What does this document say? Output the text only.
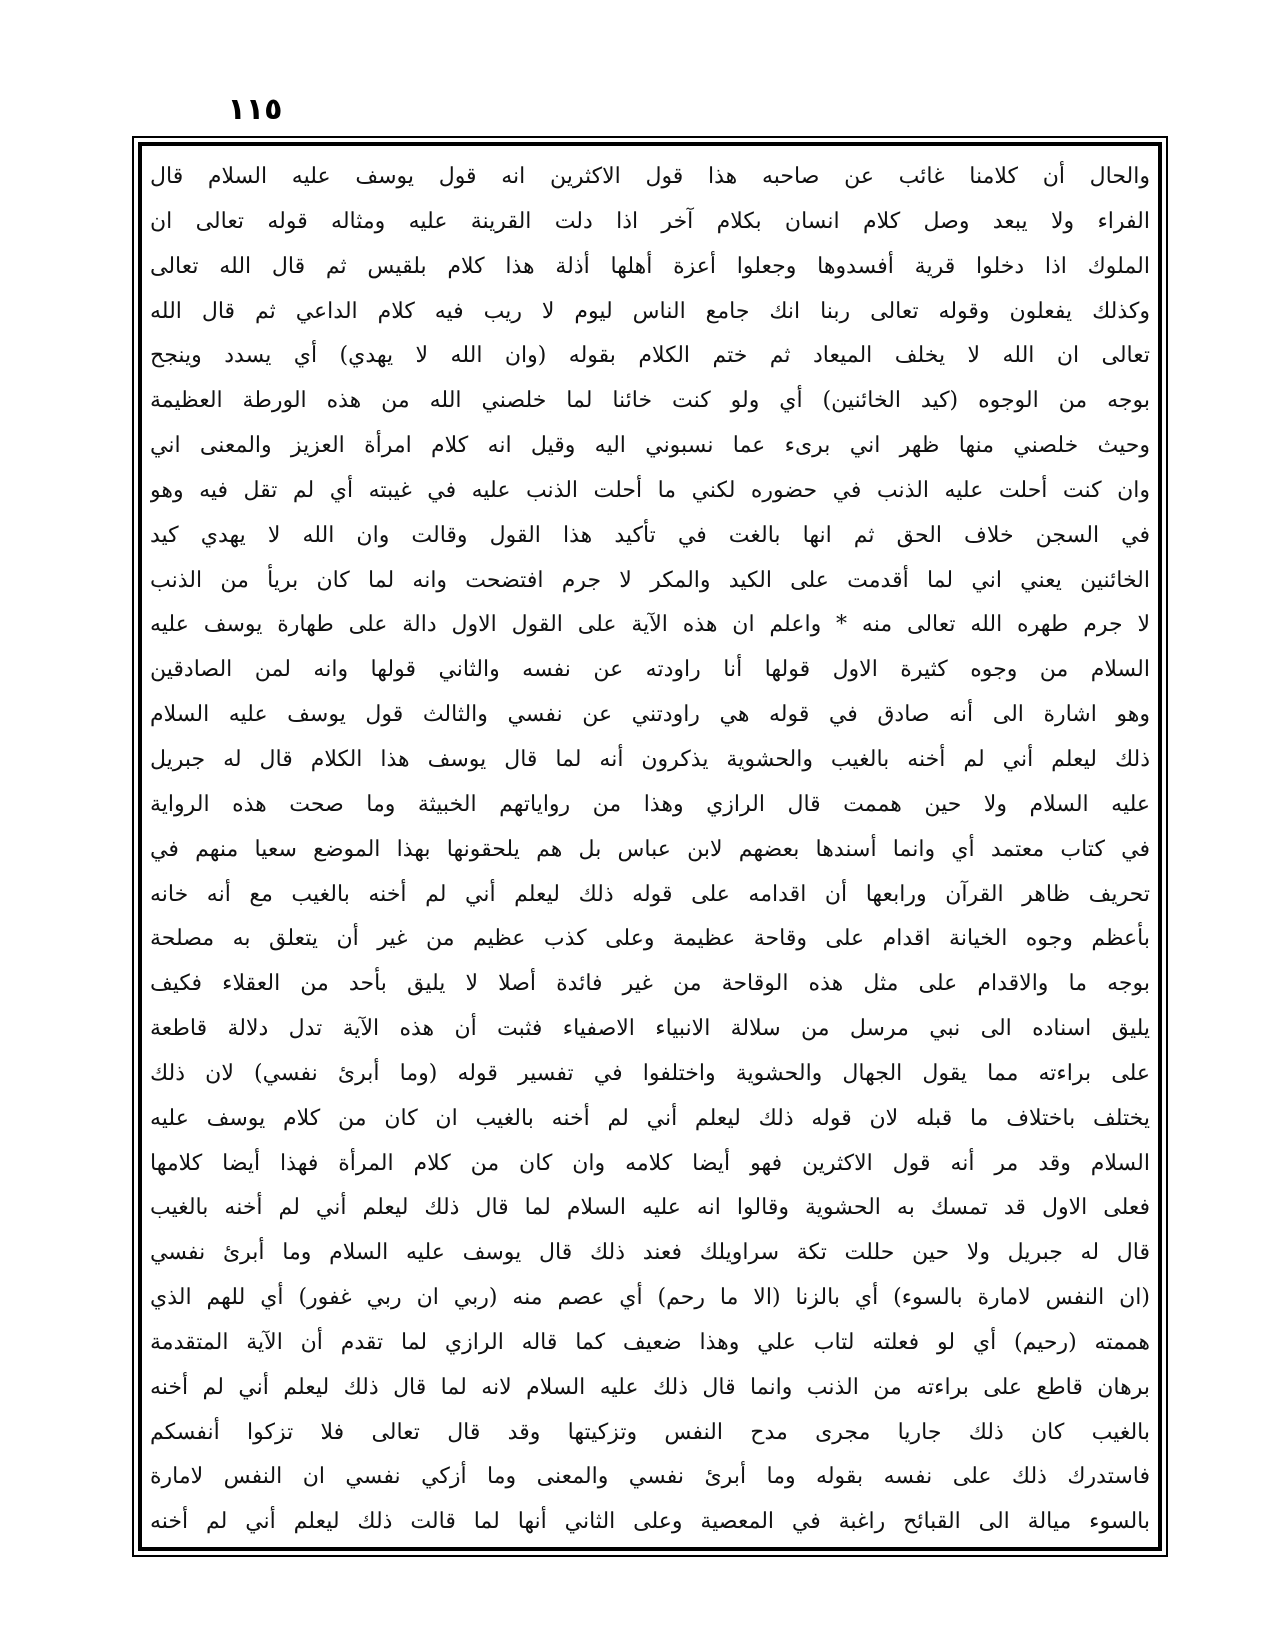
١١٥
والحال أن كلامنا غائب عن صاحبه هذا قول الاكثرين انه قول يوسف عليه السلام قال
الفراء ولا يبعد وصل كلام انسان بكلام آخر اذا دلت القرينة عليه ومثاله قوله تعالى ان
الملوك اذا دخلوا قرية أفسدوها وجعلوا أعزة أهلها أذلة هذا كلام بلقيس ثم قال الله تعالى
وكذلك يفعلون وقوله تعالى ربنا انك جامع الناس ليوم لا ريب فيه كلام الداعي ثم قال الله
تعالى ان الله لا يخلف الميعاد ثم ختم الكلام بقوله (وان الله لا يهدي) أي يسدد وينجح
بوجه من الوجوه (كيد الخائنين) أي ولو كنت خائنا لما خلصني الله من هذه الورطة العظيمة
وحيث خلصني منها ظهر اني برىء عما نسبوني اليه وقيل انه كلام امرأة العزيز والمعنى اني
وان كنت أحلت عليه الذنب في حضوره لكني ما أحلت الذنب عليه في غيبته أي لم تقل فيه وهو
في السجن خلاف الحق ثم انها بالغت في تأكيد هذا القول وقالت وان الله لا يهدي كيد
الخائنين يعني اني لما أقدمت على الكيد والمكر لا جرم افتضحت وانه لما كان بريأ من الذنب
لا جرم طهره الله تعالى منه * واعلم ان هذه الآية على القول الاول دالة على طهارة يوسف عليه
السلام من وجوه كثيرة الاول قولها أنا راودته عن نفسه والثاني قولها وانه لمن الصادقين
وهو اشارة الى أنه صادق في قوله هي راودتني عن نفسي والثالث قول يوسف عليه السلام
ذلك ليعلم أني لم أخنه بالغيب والحشوية يذكرون أنه لما قال يوسف هذا الكلام قال له جبريل
عليه السلام ولا حين هممت قال الرازي وهذا من رواياتهم الخبيثة وما صحت هذه الرواية
في كتاب معتمد أي وانما أسندها بعضهم لابن عباس بل هم يلحقونها بهذا الموضع سعيا منهم في
تحريف ظاهر القرآن ورابعها أن اقدامه على قوله ذلك ليعلم أني لم أخنه بالغيب مع أنه خانه
بأعظم وجوه الخيانة اقدام على وقاحة عظيمة وعلى كذب عظيم من غير أن يتعلق به مصلحة
بوجه ما والاقدام على مثل هذه الوقاحة من غير فائدة أصلا لا يليق بأحد من العقلاء فكيف
يليق اسناده الى نبي مرسل من سلالة الانبياء الاصفياء فثبت أن هذه الآية تدل دلالة قاطعة
على براءته مما يقول الجهال والحشوية واختلفوا في تفسير قوله (وما أبرئ نفسي) لان ذلك
يختلف باختلاف ما قبله لان قوله ذلك ليعلم أني لم أخنه بالغيب ان كان من كلام يوسف عليه
السلام وقد مر أنه قول الاكثرين فهو أيضا كلامه وان كان من كلام المرأة فهذا أيضا كلامها
فعلى الاول قد تمسك به الحشوية وقالوا انه عليه السلام لما قال ذلك ليعلم أني لم أخنه بالغيب
قال له جبريل ولا حين حللت تكة سراويلك فعند ذلك قال يوسف عليه السلام وما أبرئ نفسي
(ان النفس لامارة بالسوء) أي بالزنا (الا ما رحم) أي عصم منه (ربي ان ربي غفور) أي للهم الذي
هممته (رحيم) أي لو فعلته لتاب علي وهذا ضعيف كما قاله الرازي لما تقدم أن الآية المتقدمة
برهان قاطع على براءته من الذنب وانما قال ذلك عليه السلام لانه لما قال ذلك ليعلم أني لم أخنه
بالغيب كان ذلك جاريا مجرى مدح النفس وتزكيتها وقد قال تعالى فلا تزكوا أنفسكم
فاستدرك ذلك على نفسه بقوله وما أبرئ نفسي والمعنى وما أزكي نفسي ان النفس لامارة
بالسوء ميالة الى القبائح راغبة في المعصية وعلى الثاني أنها لما قالت ذلك ليعلم أني لم أخنه
